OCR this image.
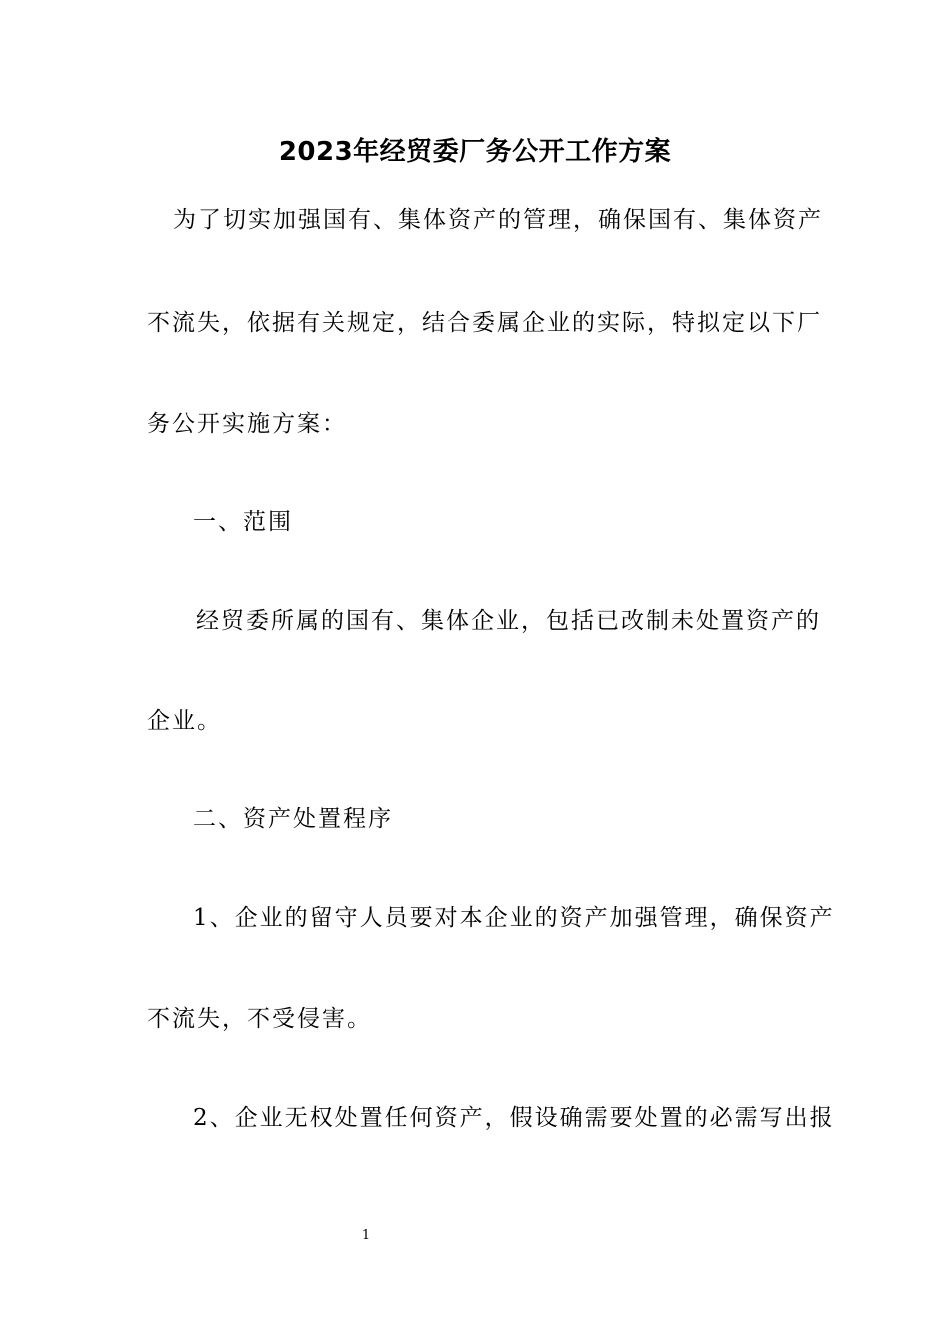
2023年经贸委厂务公开工作方案
为了切实加强国有、集体资产的管理，确保国有、集体资产
不流失，依据有关规定，结合委属企业的实际，特拟定以下厂
务公开实施方案：
一、范围
经贸委所属的国有、集体企业，包括已改制未处置资产的
企业。
二、资产处置程序
1、企业的留守人员要对本企业的资产加强管理，确保资产
不流失，不受侵害。
2、企业无权处置任何资产，假设确需要处置的必需写出报
1
